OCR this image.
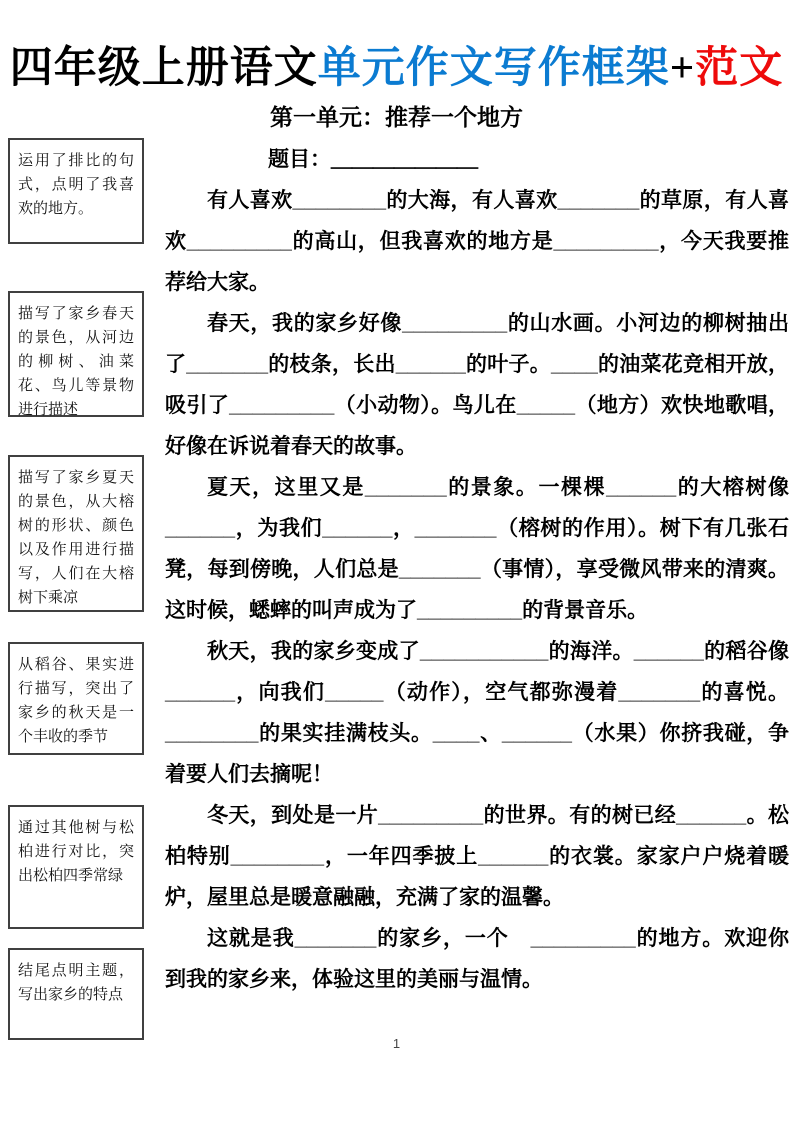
四年级上册语文单元作文写作框架+范文
第一单元：推荐一个地方
运用了排比的句式，点明了我喜欢的地方。
描写了家乡春天的景色，从河边的柳树、油菜花、鸟儿等景物进行描述
描写了家乡夏天的景色，从大榕树的形状、颜色以及作用进行描写，人们在大榕树下乘凉
从稻谷、果实进行描写，突出了家乡的秋天是一个丰收的季节
通过其他树与松柏进行对比，突出松柏四季常绿
结尾点明主题，写出家乡的特点

题目：＿＿＿＿＿＿＿

有人喜欢________的大海，有人喜欢_______的草原，有人喜欢_________的高山，但我喜欢的地方是_________，今天我要推荐给大家。

春天，我的家乡好像_________的山水画。小河边的柳树抽出了_______的枝条，长出______的叶子。____的油菜花竞相开放，吸引了_________（小动物）。鸟儿在_____（地方）欢快地歌唱，好像在诉说着春天的故事。

夏天，这里又是_______的景象。一棵棵______的大榕树像______，为我们______，_______（榕树的作用）。树下有几张石凳，每到傍晚，人们总是_______（事情），享受微风带来的清爽。这时候，蟋蟀的叫声成为了_________的背景音乐。

秋天，我的家乡变成了___________的海洋。______的稻谷像______，向我们_____（动作），空气都弥漫着_______的喜悦。________的果实挂满枝头。____、______（水果）你挤我碰，争着要人们去摘呢！

冬天，到处是一片_________的世界。有的树已经______。松柏特别________，一年四季披上______的衣裳。家家户户烧着暖炉，屋里总是暖意融融，充满了家的温馨。

这就是我_______的家乡，一个　_________的地方。欢迎你到我的家乡来，体验这里的美丽与温情。

1
